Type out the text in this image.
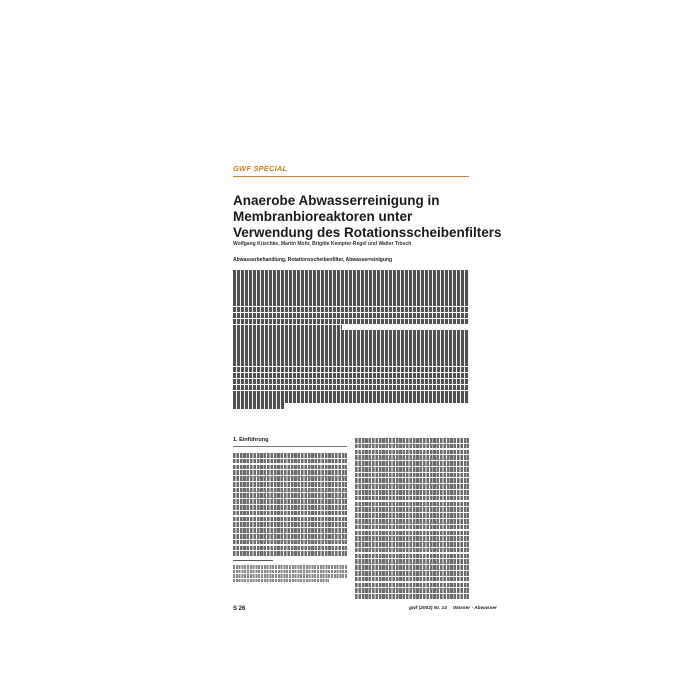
GWF SPECIAL
Anaerobe Abwasserreinigung in
Membranbioreaktoren unter
Verwendung des Rotationsscheibenfilters
Wolfgang Krischke, Martin Mohr, Brigitte Kempter-Regel und Walter Trösch
Abwasserbehandlung, Rotationsscheibenfilter, Abwasserreinigung
1. Einführung
S 26	gwf (2002) Nr. 14 · Wasser · Abwasser
